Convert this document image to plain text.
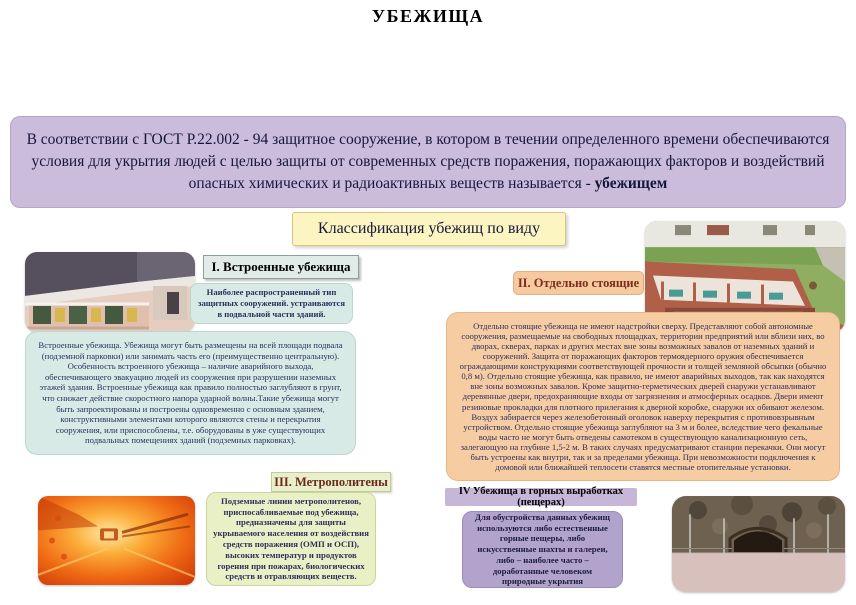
УБЕЖИЩА

В соответствии с ГОСТ Р.22.002 - 94 защитное сооружение, в котором в течении определенного времени обеспечиваются условия для укрытия людей с целью защиты от современных средств поражения, поражающих факторов и воздействий опасных химических и радиоактивных веществ называется - убежищем

Классификация убежищ по виду
I. Встроенные убежища
Наиболее распространенный тип защитных сооружений. устраиваются в подвальной части зданий.
Встроенные убежища. Убежища могут быть размещены на всей площади подвала (подземной парковки) или занимать часть его (преимущественно центральную). Особенность встроенного убежища – наличие аварийного выхода, обеспечивающего эвакуацию людей из сооружения при разрушении наземных этажей здания. Встроенные убежища как правило полностью заглубляют в грунт, что снижает действие скоростного напора ударной волны.Такие убежища могут быть запроектированы и построены одновременно с основным зданием, конструктивными элементами которого являются стены и перекрытия сооружения, или приспособлены, т.е. оборудованы в уже существующих подвальных помещениях зданий (подземных парковках).
II. Отдельно стоящие
Отдельно стоящие убежища не имеют надстройки сверху. Представляют собой автономные сооружения, размещаемые на свободных площадках, территории предприятий или вблизи них, во дворах, скверах, парках и других местах вне зоны возможных завалов от наземных зданий и сооружений. Защита от поражающих факторов термоядерного оружия обеспечивается ограждающими конструкциями соответствующей прочности и толщей земляной обсыпки (обычно 0,8 м). Отдельно стоящие убежища, как правило, не имеют аварийных выходов, так как находятся вне зоны возможных завалов. Кроме защитно-герметических дверей снаружи устанавливают деревянные двери, предохраняющие входы от загрязнения и атмосферных осадков. Двери имеют резиновые прокладки для плотного прилегания к дверной коробке, снаружи их обивают железом. Воздух забирается через железобетонный оголовок наверху перекрытия с противовзрывным устройством. Отдельно стоящие убежища заглубляют на 3 м и более, вследствие чего фекальные воды часто не могут быть отведены самотеком в существующую канализационную сеть, залегающую на глубине 1,5-2 м. В таких случаях предусматривают станции перекачки. Они могут быть устроены как внутри, так и за пределами убежища. При невозможности подключения к домовой или ближайшей теплосети ставятся местные отопительные установки.
III. Метрополитены
Подземные линии метрополитенов, приспосабливаемые под убежища, предназначены для защиты укрываемого населения от воздействия средств поражения (ОМП и ОСП), высоких температур и продуктов горения при пожарах, биологических средств и отравляющих веществ.
IV Убежища в горных выработках (пещерах)
Для обустройства данных убежищ используются либо естественные горные пещеры, либо искусственные шахты и галереи, либо – наиболее часто – доработанные человеком природные укрытия
